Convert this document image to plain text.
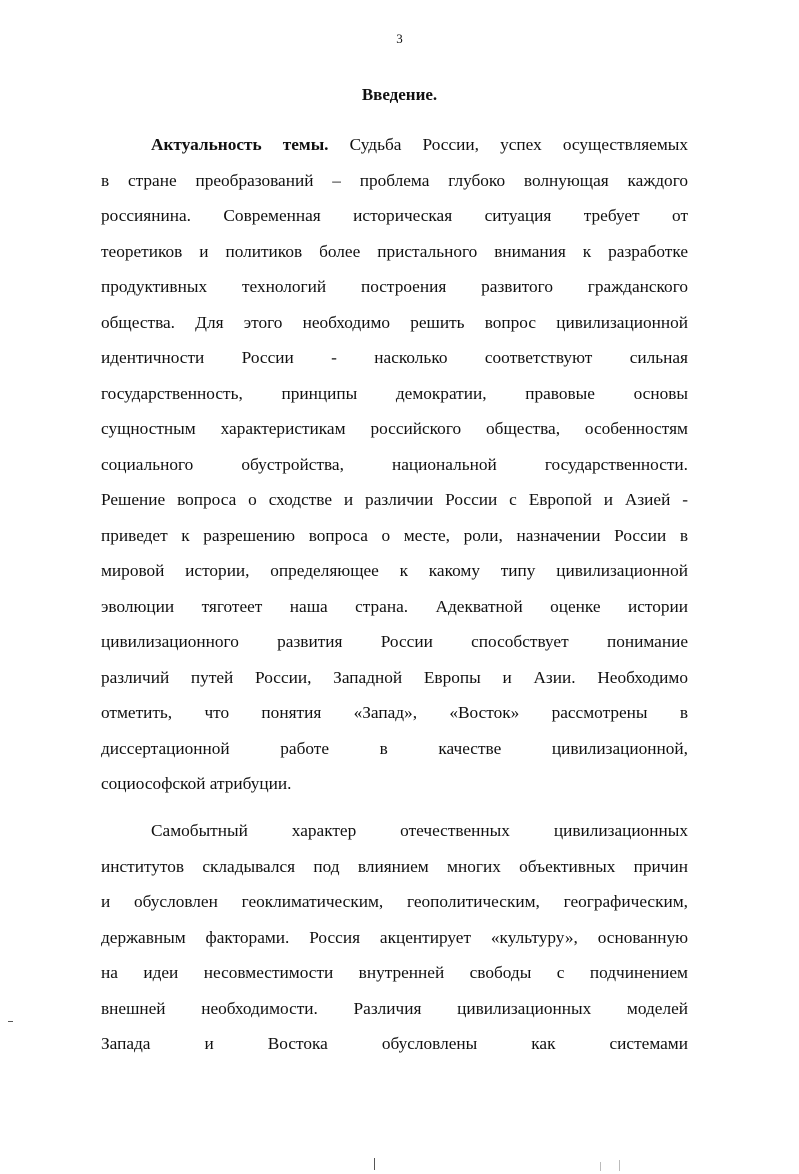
3
Введение.
Актуальность темы. Судьба России, успех осуществляемых
в стране преобразований – проблема глубоко волнующая каждого
россиянина. Современная историческая ситуация требует от
теоретиков и политиков более пристального внимания к разработке
продуктивных технологий построения развитого гражданского
общества. Для этого необходимо решить вопрос цивилизационной
идентичности России - насколько соответствуют сильная
государственность, принципы демократии, правовые основы
сущностным характеристикам российского общества, особенностям
социального обустройства, национальной государственности.
Решение вопроса о сходстве и различии России с Европой и Азией -
приведет к разрешению вопроса о месте, роли, назначении России в
мировой истории, определяющее к какому типу цивилизационной
эволюции тяготеет наша страна. Адекватной оценке истории
цивилизационного развития России способствует понимание
различий путей России, Западной Европы и Азии. Необходимо
отметить, что понятия «Запад», «Восток» рассмотрены в
диссертационной работе в качестве цивилизационной,
социософской атрибуции.
Самобытный характер отечественных цивилизационных
институтов складывался под влиянием многих объективных причин
и обусловлен геоклиматическим, геополитическим, географическим,
державным факторами. Россия акцентирует «культуру», основанную
на идеи несовместимости внутренней свободы с подчинением
внешней необходимости. Различия цивилизационных моделей
Запада и Востока обусловлены как системами
